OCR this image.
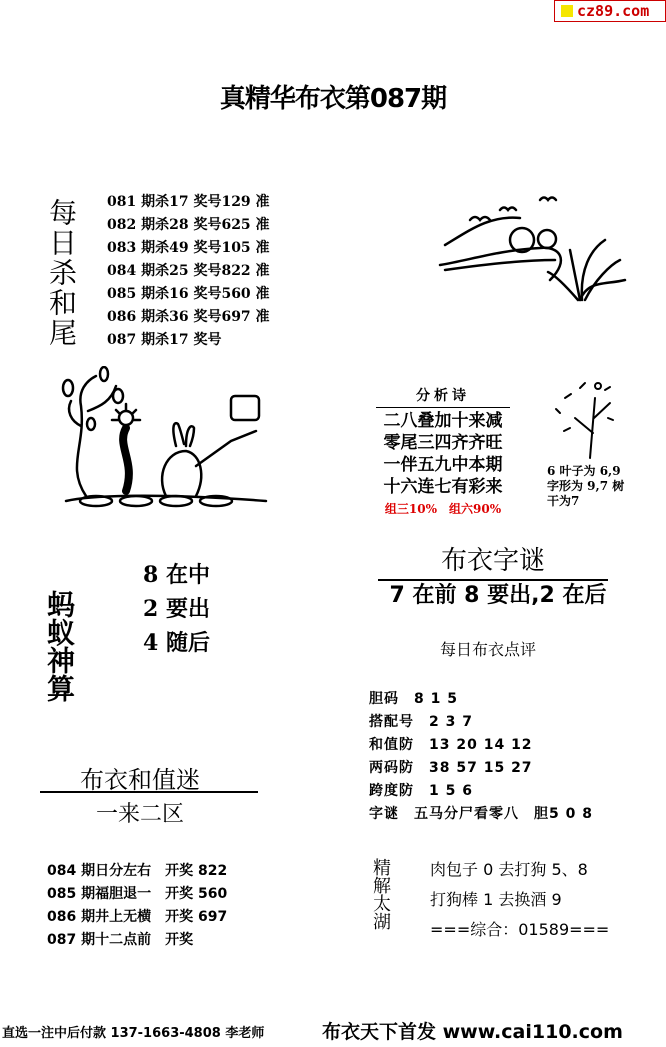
cz89.com
真精华布衣第087期
每日杀和尾 081 期杀17 奖号129 准
082 期杀28 奖号625 准
083 期杀49 奖号105 准
084 期杀25 奖号822 准
085 期杀16 奖号560 准
086 期杀36 奖号697 准
087 期杀17 奖号
分析诗
二八叠加十来减
零尾三四齐齐旺
一伴五九中本期
十六连七有彩来
组三10%　组六90%
6 叶子为 6,9
字形为 9,7 树
干为7
蚂蚁神算
8 在中
2 要出
4 随后
布衣字谜
7 在前 8 要出,2 在后
每日布衣点评
胆码　8 1 5
搭配号　2 3 7
和值防　13 20 14 12
两码防　38 57 15 27
跨度防　1 5 6
字谜　五马分尸看零八　胆5 0 8
布衣和值迷
一来二区
084 期日分左右　开奖 822
085 期福胆退一　开奖 560
086 期井上无横　开奖 697
087 期十二点前　开奖
精解太湖 肉包子 0 去打狗 5、8
打狗棒 1 去换酒 9
===综合：01589===
直选一注中后付款 137-1663-4808 李老师	布衣天下首发 www.cai110.com
